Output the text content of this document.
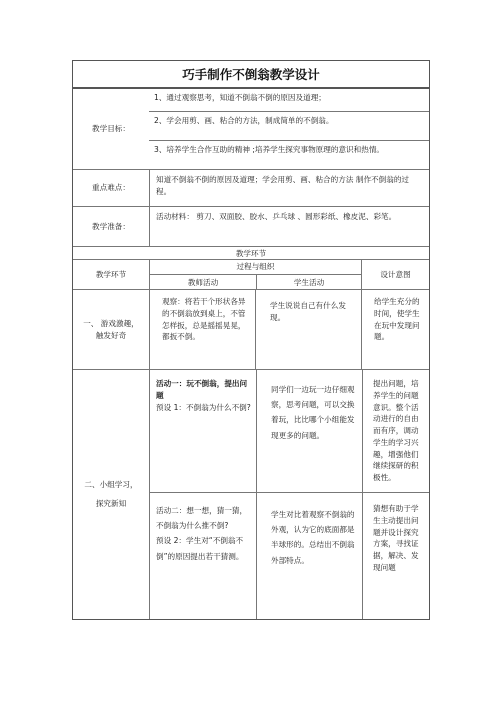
巧手制作不倒翁教学设计
教学目标：
1、通过观察思考，知道不倒翁不倒的原因及道理；
2、学会用剪、画、粘合的方法，制成简单的不倒翁。
3、培养学生合作互助的精神 ;培养学生探究事物原理的意识和热情。
重点难点：
知道不倒翁不倒的原因及道理；学会用剪、画、粘合的方法 制作不倒翁的过程。
教学准备：
活动材料： 剪刀、双面胶、胶水、乒乓球 、圆形彩纸、橡皮泥、彩笔。
教学环节
教学环节
过程与组织
教师活动	学生活动
设计意图
一、 游戏激趣，触发好奇
观察：将若干个形状各异的不倒翁放到桌上，不管怎样扳，总是摇摇晃晃，都扳不倒。
学生说说自己有什么发现。
给学生充分的时间，使学生在玩中发现问题。
二、小组学习，探究新知
活动一：玩不倒翁，提出问题
预设 1：不倒翁为什么不倒?
同学们一边玩一边仔细观察，思考问题，可以交换着玩，比比哪个小组能发现更多的问题。
提出问题，培养学生的问题意识。整个活动进行的自由而有序，调动学生的学习兴趣，增强他们继续探研的积极性。
活动二：想一想，猜一猜，不倒翁为什么推不倒?
预设 2：学生对“不倒翁不倒”的原因提出若干猜测。
学生对比着观察不倒翁的外观，认为它的底面都是半球形的。总结出不倒翁外部特点。
猜想有助于学生主动提出问题并设计探究方案，寻找证据，解决、发现问题
